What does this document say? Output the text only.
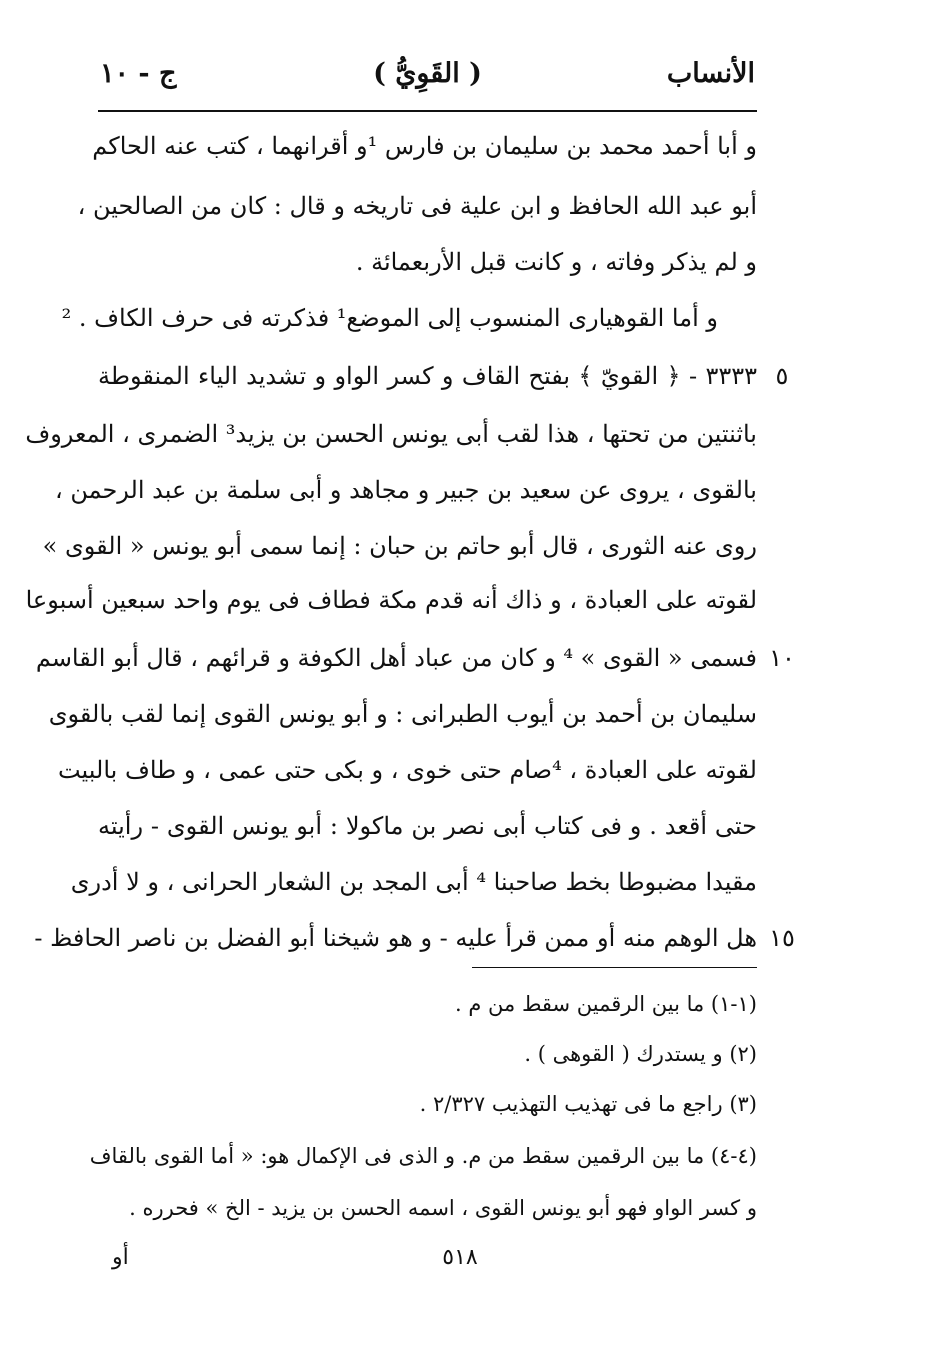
الأنساب
( القَوِيُّ )
ج - ١٠
و أبا أحمد محمد بن سليمان بن فارس ¹و أقرانهما ، كتب عنه الحاكم
أبو عبد الله الحافظ و ابن علية فى تاريخه و قال : كان من الصالحين ،
و لم يذكر وفاته ، و كانت قبل الأربعمائة .
و أما القوهيارى المنسوب إلى الموضع¹ فذكرته فى حرف الكاف . ²
٥
٣٣٣٣ - ﴿ القويّ ﴾ بفتح القاف و كسر الواو و تشديد الياء المنقوطة
باثنتين من تحتها ، هذا لقب أبى يونس الحسن بن يزيد³ الضمرى ، المعروف
بالقوى ، يروى عن سعيد بن جبير و مجاهد و أبى سلمة بن عبد الرحمن ،
روى عنه الثورى ، قال أبو حاتم بن حبان : إنما سمى أبو يونس « القوى »
لقوته على العبادة ، و ذاك أنه قدم مكة فطاف فى يوم واحد سبعين أسبوعا
١٠
فسمى « القوى » ⁴ و كان من عباد أهل الكوفة و قرائهم ، قال أبو القاسم
سليمان بن أحمد بن أيوب الطبرانى : و أبو يونس القوى إنما لقب بالقوى
لقوته على العبادة ، ⁴صام حتى خوى ، و بكى حتى عمى ، و طاف بالبيت
حتى أقعد . و فى كتاب أبى نصر بن ماكولا : أبو يونس القوى - رأيته
مقيدا مضبوطا بخط صاحبنا ⁴ أبى المجد بن الشعار الحرانى ، و لا أدرى
١٥
هل الوهم منه أو ممن قرأ عليه - و هو شيخنا أبو الفضل بن ناصر الحافظ -
(١-١) ما بين الرقمين سقط من م .
(٢) و يستدرك ( القوهى ) .
(٣) راجع ما فى تهذيب التهذيب ٢/٣٢٧ .
(٤-٤) ما بين الرقمين سقط من م. و الذى فى الإكمال هو: « أما القوى بالقاف
و كسر الواو فهو أبو يونس القوى ، اسمه الحسن بن يزيد - الخ » فحرره .
٥١٨
أو
